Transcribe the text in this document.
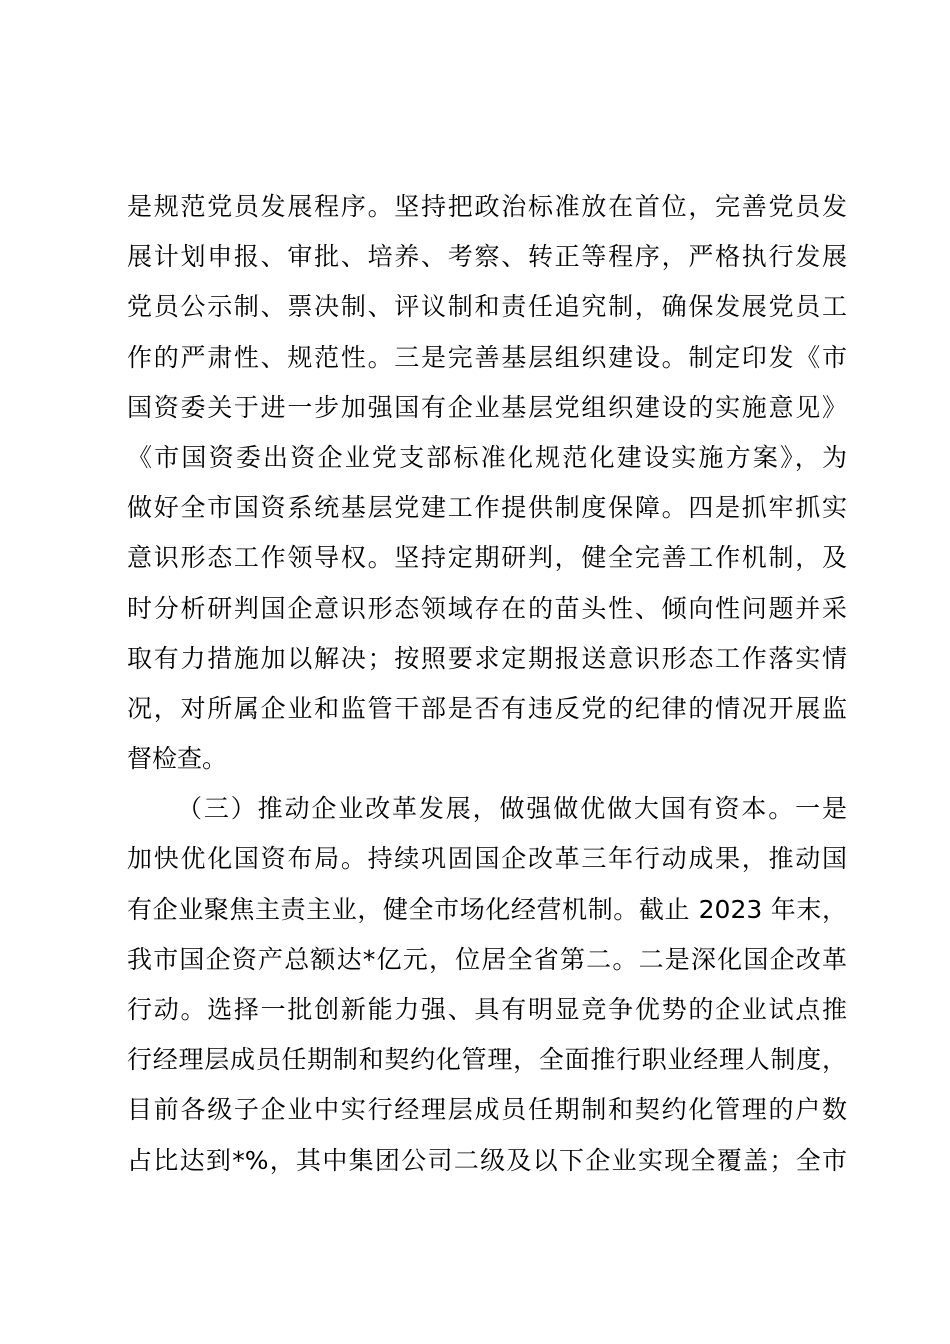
是规范党员发展程序。坚持把政治标准放在首位，完善党员发
展计划申报、审批、培养、考察、转正等程序，严格执行发展
党员公示制、票决制、评议制和责任追究制，确保发展党员工
作的严肃性、规范性。三是完善基层组织建设。制定印发《市
国资委关于进一步加强国有企业基层党组织建设的实施意见》
《市国资委出资企业党支部标准化规范化建设实施方案》，为
做好全市国资系统基层党建工作提供制度保障。四是抓牢抓实
意识形态工作领导权。坚持定期研判，健全完善工作机制，及
时分析研判国企意识形态领域存在的苗头性、倾向性问题并采
取有力措施加以解决；按照要求定期报送意识形态工作落实情
况，对所属企业和监管干部是否有违反党的纪律的情况开展监
督检查。
（三）推动企业改革发展，做强做优做大国有资本。一是
加快优化国资布局。持续巩固国企改革三年行动成果，推动国
有企业聚焦主责主业，健全市场化经营机制。截止 2023 年末，
我市国企资产总额达*亿元，位居全省第二。二是深化国企改革
行动。选择一批创新能力强、具有明显竞争优势的企业试点推
行经理层成员任期制和契约化管理，全面推行职业经理人制度，
目前各级子企业中实行经理层成员任期制和契约化管理的户数
占比达到*%，其中集团公司二级及以下企业实现全覆盖；全市
